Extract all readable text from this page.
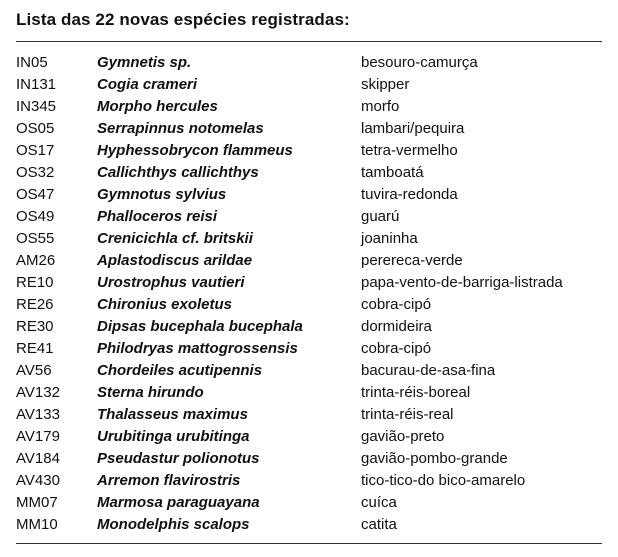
Lista das 22 novas espécies registradas:
IN05	Gymnetis sp.	besouro-camurça
IN131	Cogia crameri	skipper
IN345	Morpho hercules	morfo
OS05	Serrapinnus notomelas	lambari/pequira
OS17	Hyphessobrycon flammeus	tetra-vermelho
OS32	Callichthys callichthys	tamboatá
OS47	Gymnotus sylvius	tuvira-redonda
OS49	Phalloceros reisi	guarú
OS55	Crenicichla cf. britskii	joaninha
AM26	Aplastodiscus arildae	perereca-verde
RE10	Urostrophus vautieri	papa-vento-de-barriga-listrada
RE26	Chironius exoletus	cobra-cipó
RE30	Dipsas bucephala bucephala	dormideira
RE41	Philodryas mattogrossensis	cobra-cipó
AV56	Chordeiles acutipennis	bacurau-de-asa-fina
AV132 Sterna hirundo	trinta-réis-boreal
AV133 Thalasseus maximus	trinta-réis-real
AV179 Urubitinga urubitinga	gavião-preto
AV184 Pseudastur polionotus	gavião-pombo-grande
AV430 Arremon flavirostris	tico-tico-do bico-amarelo
MM07	Marmosa paraguayana	cuíca
MM10	Monodelphis scalops	catita
